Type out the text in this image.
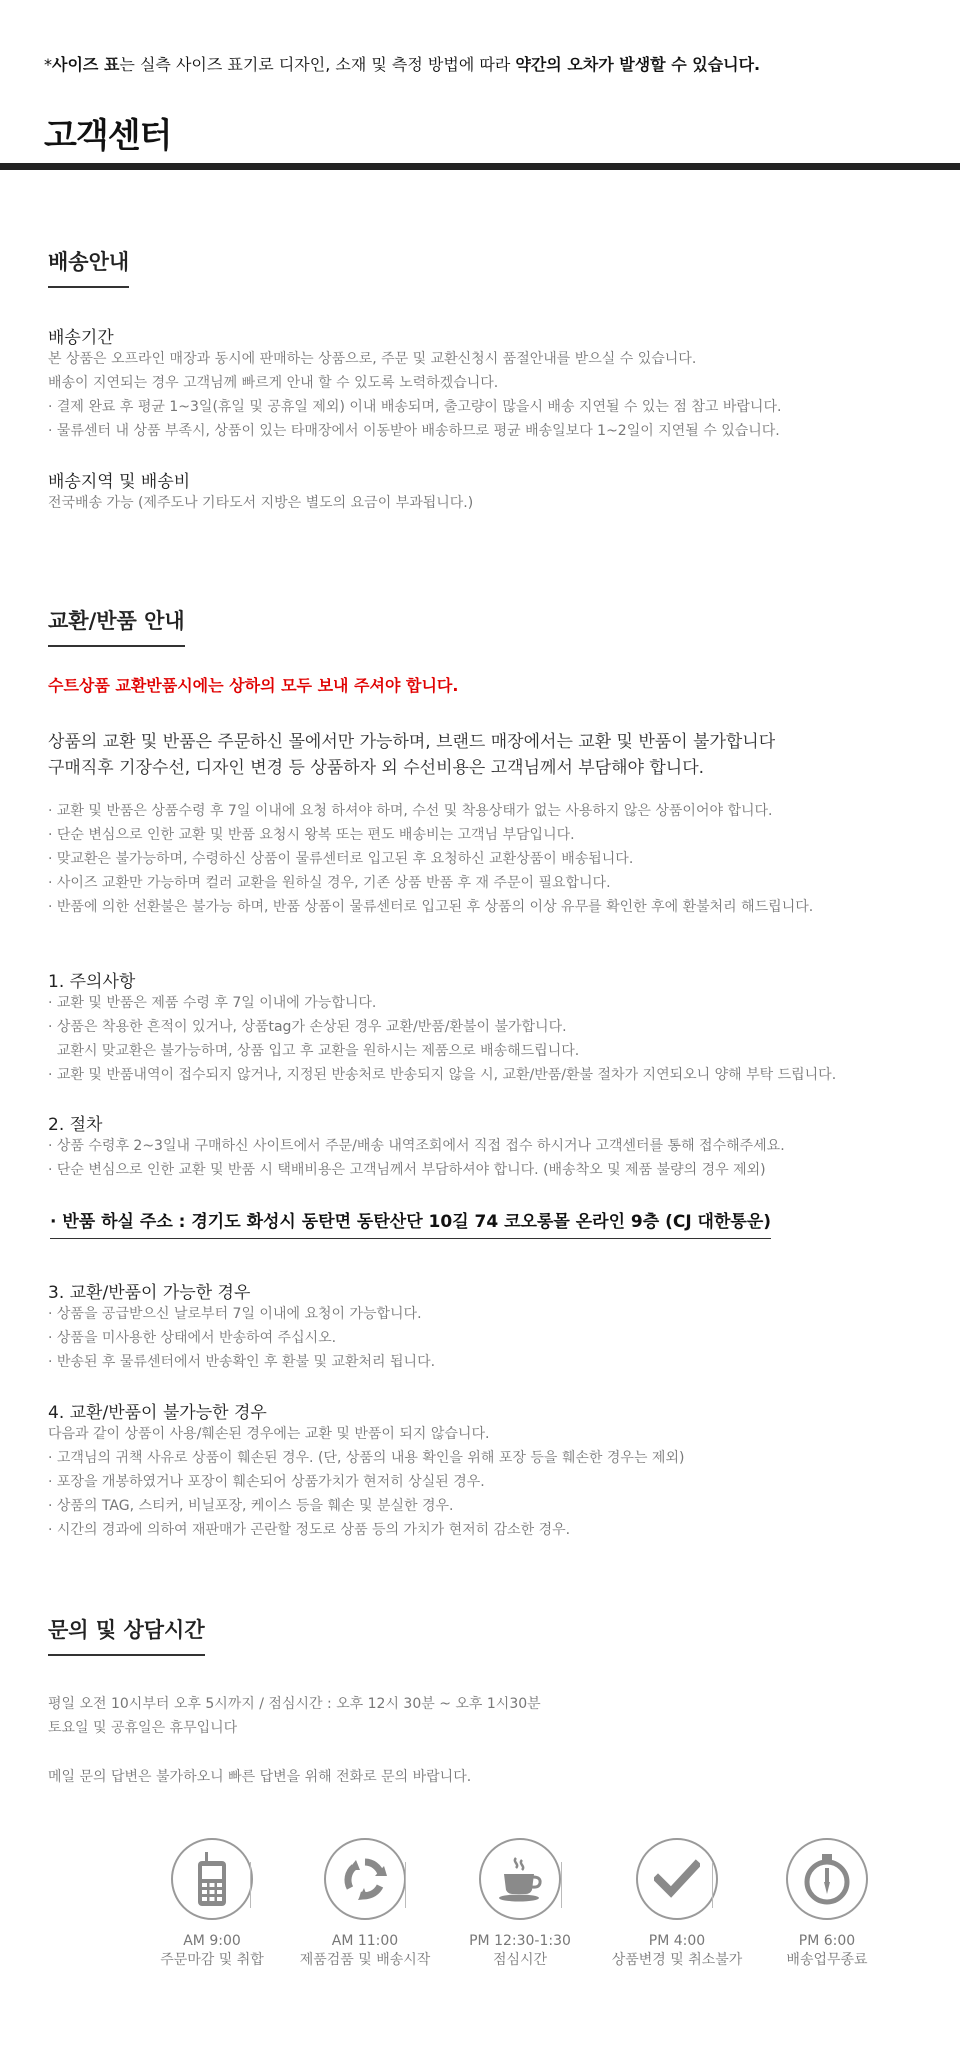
*사이즈 표는 실측 사이즈 표기로 디자인, 소재 및 측정 방법에 따라 약간의 오차가 발생할 수 있습니다.
고객센터
배송안내
배송기간
본 상품은 오프라인 매장과 동시에 판매하는 상품으로, 주문 및 교환신청시 품절안내를 받으실 수 있습니다.
배송이 지연되는 경우 고객님께 빠르게 안내 할 수 있도록 노력하겠습니다.
· 결제 완료 후 평균 1~3일(휴일 및 공휴일 제외) 이내 배송되며, 출고량이 많을시 배송 지연될 수 있는 점 참고 바랍니다.
· 물류센터 내 상품 부족시, 상품이 있는 타매장에서 이동받아 배송하므로 평균 배송일보다 1~2일이 지연될 수 있습니다.
배송지역 및 배송비
전국배송 가능 (제주도나 기타도서 지방은 별도의 요금이 부과됩니다.)
교환/반품 안내
수트상품 교환반품시에는 상하의 모두 보내 주셔야 합니다.
상품의 교환 및 반품은 주문하신 몰에서만 가능하며, 브랜드 매장에서는 교환 및 반품이 불가합니다
구매직후 기장수선, 디자인 변경 등 상품하자 외 수선비용은 고객님께서 부담해야 합니다.
· 교환 및 반품은 상품수령 후 7일 이내에 요청 하셔야 하며, 수선 및 착용상태가 없는 사용하지 않은 상품이어야 합니다.
· 단순 변심으로 인한 교환 및 반품 요청시 왕복 또는 편도 배송비는 고객님 부담입니다.
· 맞교환은 불가능하며, 수령하신 상품이 물류센터로 입고된 후 요청하신 교환상품이 배송됩니다.
· 사이즈 교환만 가능하며 컬러 교환을 원하실 경우, 기존 상품 반품 후 재 주문이 필요합니다.
· 반품에 의한 선환불은 불가능 하며, 반품 상품이 물류센터로 입고된 후 상품의 이상 유무를 확인한 후에 환불처리 해드립니다.
1. 주의사항
· 교환 및 반품은 제품 수령 후 7일 이내에 가능합니다.
· 상품은 착용한 흔적이 있거나, 상품tag가 손상된 경우 교환/반품/환불이 불가합니다.
교환시 맞교환은 불가능하며, 상품 입고 후 교환을 원하시는 제품으로 배송해드립니다.
· 교환 및 반품내역이 접수되지 않거나, 지정된 반송처로 반송되지 않을 시, 교환/반품/환불 절차가 지연되오니 양해 부탁 드립니다.
2. 절차
· 상품 수령후 2~3일내 구매하신 사이트에서 주문/배송 내역조회에서 직접 접수 하시거나 고객센터를 통해 접수해주세요.
· 단순 변심으로 인한 교환 및 반품 시 택배비용은 고객님께서 부담하셔야 합니다. (배송착오 및 제품 불량의 경우 제외)
· 반품 하실 주소 : 경기도 화성시 동탄면 동탄산단 10길 74 코오롱몰 온라인 9층 (CJ 대한통운)
3. 교환/반품이 가능한 경우
· 상품을 공급받으신 날로부터 7일 이내에 요청이 가능합니다.
· 상품을 미사용한 상태에서 반송하여 주십시오.
· 반송된 후 물류센터에서 반송확인 후 환불 및 교환처리 됩니다.
4. 교환/반품이 불가능한 경우
다음과 같이 상품이 사용/훼손된 경우에는 교환 및 반품이 되지 않습니다.
· 고객님의 귀책 사유로 상품이 훼손된 경우. (단, 상품의 내용 확인을 위해 포장 등을 훼손한 경우는 제외)
· 포장을 개봉하였거나 포장이 훼손되어 상품가치가 현저히 상실된 경우.
· 상품의 TAG, 스티커, 비닐포장, 케이스 등을 훼손 및 분실한 경우.
· 시간의 경과에 의하여 재판매가 곤란할 정도로 상품 등의 가치가 현저히 감소한 경우.
문의 및 상담시간
평일 오전 10시부터 오후 5시까지 / 점심시간 : 오후 12시 30분 ~ 오후 1시30분
토요일 및 공휴일은 휴무입니다
메일 문의 답변은 불가하오니 빠른 답변을 위해 전화로 문의 바랍니다.
AM 9:00
주문마감 및 취합
AM 11:00
제품검품 및 배송시작
PM 12:30-1:30
점심시간
PM 4:00
상품변경 및 취소불가
PM 6:00
배송업무종료
